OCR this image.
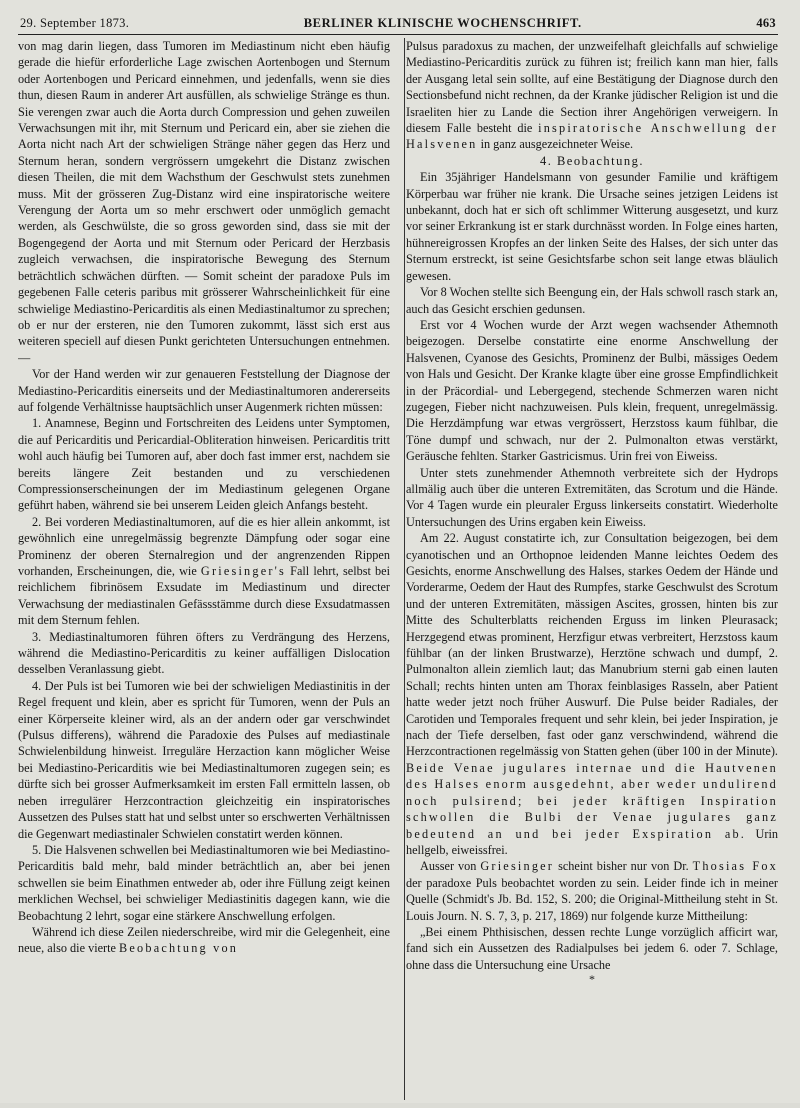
29. September 1873.	BERLINER KLINISCHE WOCHENSCHRIFT.	463

von mag darin liegen, dass Tumoren im Mediastinum nicht eben häufig gerade die hiefür erforderliche Lage zwischen Aortenbogen und Sternum oder Aortenbogen und Pericard einnehmen, und jedenfalls, wenn sie dies thun, diesen Raum in anderer Art ausfüllen, als schwielige Stränge es thun. Sie verengen zwar auch die Aorta durch Compression und gehen zuweilen Verwachsungen mit ihr, mit Sternum und Pericard ein, aber sie ziehen die Aorta nicht nach Art der schwieligen Stränge näher gegen das Herz und Sternum heran, sondern vergrössern umgekehrt die Distanz zwischen diesen Theilen, die mit dem Wachsthum der Geschwulst stets zunehmen muss. Mit der grösseren Zug-Distanz wird eine inspiratorische weitere Verengung der Aorta um so mehr erschwert oder unmöglich gemacht werden, als Geschwülste, die so gross geworden sind, dass sie mit der Bogengegend der Aorta und mit Sternum oder Pericard der Herzbasis zugleich verwachsen, die inspiratorische Bewegung des Sternum beträchtlich schwächen dürften. — Somit scheint der paradoxe Puls im gegebenen Falle ceteris paribus mit grösserer Wahrscheinlichkeit für eine schwielige Mediastino-Pericarditis als einen Mediastinaltumor zu sprechen; ob er nur der ersteren, nie den Tumoren zukommt, lässt sich erst aus weiteren speciell auf diesen Punkt gerichteten Untersuchungen entnehmen. —

Vor der Hand werden wir zur genaueren Feststellung der Diagnose der Mediastino-Pericarditis einerseits und der Mediastinaltumoren andererseits auf folgende Verhältnisse hauptsächlich unser Augenmerk richten müssen:

1. Anamnese, Beginn und Fortschreiten des Leidens unter Symptomen, die auf Pericarditis und Pericardial-Obliteration hinweisen. Pericarditis tritt wohl auch häufig bei Tumoren auf, aber doch fast immer erst, nachdem sie bereits längere Zeit bestanden und zu verschiedenen Compressionserscheinungen der im Mediastinum gelegenen Organe geführt haben, während sie bei unserem Leiden gleich Anfangs besteht.

2. Bei vorderen Mediastinaltumoren, auf die es hier allein ankommt, ist gewöhnlich eine unregelmässig begrenzte Dämpfung oder sogar eine Prominenz der oberen Sternalregion und der angrenzenden Rippen vorhanden, Erscheinungen, die, wie Griesinger's Fall lehrt, selbst bei reichlichem fibrinösem Exsudate im Mediastinum und directer Verwachsung der mediastinalen Gefässstämme durch diese Exsudatmassen mit dem Sternum fehlen.

3. Mediastinaltumoren führen öfters zu Verdrängung des Herzens, während die Mediastino-Pericarditis zu keiner auffälligen Dislocation desselben Veranlassung giebt.

4. Der Puls ist bei Tumoren wie bei der schwieligen Mediastinitis in der Regel frequent und klein, aber es spricht für Tumoren, wenn der Puls an einer Körperseite kleiner wird, als an der andern oder gar verschwindet (Pulsus differens), während die Paradoxie des Pulses auf mediastinale Schwielenbildung hinweist. Irreguläre Herzaction kann möglicher Weise bei Mediastino-Pericarditis wie bei Mediastinaltumoren zugegen sein; es dürfte sich bei grosser Aufmerksamkeit im ersten Fall ermitteln lassen, ob neben irregulärer Herzcontraction gleichzeitig ein inspiratorisches Aussetzen des Pulses statt hat und selbst unter so erschwerten Verhältnissen die Gegenwart mediastinaler Schwielen constatirt werden können.

5. Die Halsvenen schwellen bei Mediastinaltumoren wie bei Mediastino-Pericarditis bald mehr, bald minder beträchtlich an, aber bei jenen schwellen sie beim Einathmen entweder ab, oder ihre Füllung zeigt keinen merklichen Wechsel, bei schwieliger Mediastinitis dagegen kann, wie die Beobachtung 2 lehrt, sogar eine stärkere Anschwellung erfolgen.

Während ich diese Zeilen niederschreibe, wird mir die Gelegenheit, eine neue, also die vierte Beobachtung von

Pulsus paradoxus zu machen, der unzweifelhaft gleichfalls auf schwielige Mediastino-Pericarditis zurück zu führen ist; freilich kann man hier, falls der Ausgang letal sein sollte, auf eine Bestätigung der Diagnose durch den Sectionsbefund nicht rechnen, da der Kranke jüdischer Religion ist und die Israeliten hier zu Lande die Section ihrer Angehörigen verweigern. In diesem Falle besteht die inspiratorische Anschwellung der Halsvenen in ganz ausgezeichneter Weise.

4. Beobachtung.

Ein 35jähriger Handelsmann von gesunder Familie und kräftigem Körperbau war früher nie krank. Die Ursache seines jetzigen Leidens ist unbekannt, doch hat er sich oft schlimmer Witterung ausgesetzt, und kurz vor seiner Erkrankung ist er stark durchnässt worden. In Folge eines harten, hühnereigrossen Kropfes an der linken Seite des Halses, der sich unter das Sternum erstreckt, ist seine Gesichtsfarbe schon seit lange etwas bläulich gewesen.

Vor 8 Wochen stellte sich Beengung ein, der Hals schwoll rasch stark an, auch das Gesicht erschien gedunsen.

Erst vor 4 Wochen wurde der Arzt wegen wachsender Athemnoth beigezogen. Derselbe constatirte eine enorme Anschwellung der Halsvenen, Cyanose des Gesichts, Prominenz der Bulbi, mässiges Oedem von Hals und Gesicht. Der Kranke klagte über eine grosse Empfindlichkeit in der Präcordial- und Lebergegend, stechende Schmerzen waren nicht zugegen, Fieber nicht nachzuweisen. Puls klein, frequent, unregelmässig. Die Herzdämpfung war etwas vergrössert, Herzstoss kaum fühlbar, die Töne dumpf und schwach, nur der 2. Pulmonalton etwas verstärkt, Geräusche fehlten. Starker Gastricismus. Urin frei von Eiweiss.

Unter stets zunehmender Athemnoth verbreitete sich der Hydrops allmälig auch über die unteren Extremitäten, das Scrotum und die Hände. Vor 4 Tagen wurde ein pleuraler Erguss linkerseits constatirt. Wiederholte Untersuchungen des Urins ergaben kein Eiweiss.

Am 22. August constatirte ich, zur Consultation beigezogen, bei dem cyanotischen und an Orthopnoe leidenden Manne leichtes Oedem des Gesichts, enorme Anschwellung des Halses, starkes Oedem der Hände und Vorderarme, Oedem der Haut des Rumpfes, starke Geschwulst des Scrotum und der unteren Extremitäten, mässigen Ascites, grossen, hinten bis zur Mitte des Schulterblatts reichenden Erguss im linken Pleurasack; Herzgegend etwas prominent, Herzfigur etwas verbreitert, Herzstoss kaum fühlbar (an der linken Brustwarze), Herztöne schwach und dumpf, 2. Pulmonalton allein ziemlich laut; das Manubrium sterni gab einen lauten Schall; rechts hinten unten am Thorax feinblasiges Rasseln, aber Patient hatte weder jetzt noch früher Auswurf. Die Pulse beider Radiales, der Carotiden und Temporales frequent und sehr klein, bei jeder Inspiration, je nach der Tiefe derselben, fast oder ganz verschwindend, während die Herzcontractionen regelmässig von Statten gehen (über 100 in der Minute). Beide Venae jugulares internae und die Hautvenen des Halses enorm ausgedehnt, aber weder undulirend noch pulsirend; bei jeder kräftigen Inspiration schwollen die Bulbi der Venae jugulares ganz bedeutend an und bei jeder Exspiration ab. Urin hellgelb, eiweissfrei.

Ausser von Griesinger scheint bisher nur von Dr. Thosias Fox der paradoxe Puls beobachtet worden zu sein. Leider finde ich in meiner Quelle (Schmidt's Jb. Bd. 152, S. 200; die Original-Mittheilung steht in St. Louis Journ. N. S. 7, 3, p. 217, 1869) nur folgende kurze Mittheilung:

„Bei einem Phthisischen, dessen rechte Lunge vorzüglich afficirt war, fand sich ein Aussetzen des Radialpulses bei jedem 6. oder 7. Schlage, ohne dass die Untersuchung eine Ursache

*
